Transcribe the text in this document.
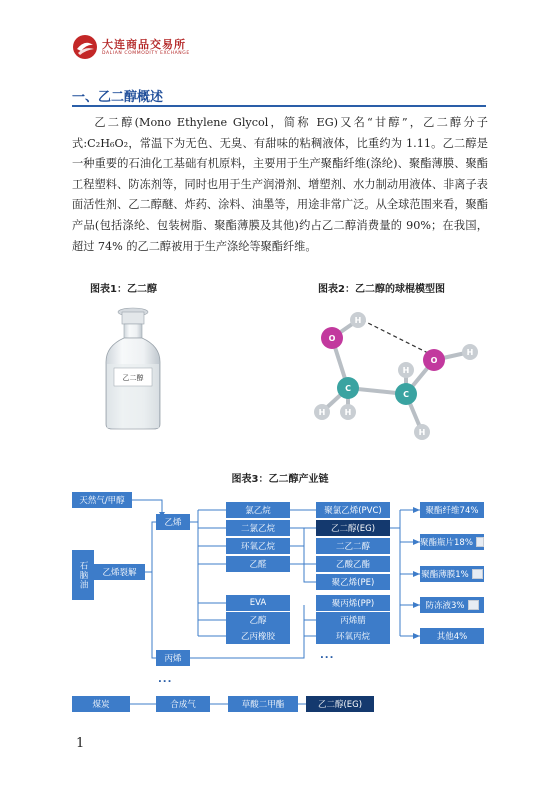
大连商品交易所
DALIAN COMMODITY EXCHANGE
一、乙二醇概述

乙二醇(Mono Ethylene Glycol，简称 EG)又名“甘醇”，乙二醇分子式:C₂H₆O₂，常温下为无色、无臭、有甜味的粘稠液体，比重约为 1.11。乙二醇是一种重要的石油化工基础有机原料，主要用于生产聚酯纤维(涤纶)、聚酯薄膜、聚酯工程塑料、防冻剂等，同时也用于生产润滑剂、增塑剂、水力制动用液体、非离子表面活性剂、乙二醇醚、炸药、涂料、油墨等，用途非常广泛。从全球范围来看，聚酯产品(包括涤纶、包装树脂、聚酯薄膜及其他)约占乙二醇消费量的 90%；在我国，超过 74% 的乙二醇被用于生产涤纶等聚酯纤维。

图表1：乙二醇
乙二醇
图表2：乙二醇的球棍模型图
H
O
H H
C
H
H
C
H
O
图表3：乙二醇产业链
天然气/甲醇
石脑油	乙烯裂解
煤炭
乙烯
丙烯
...
合成气	草酸二甲酯	乙二醇(EG)
氯乙烷
二氯乙烷
环氧乙烷
乙醛
EVA
乙醇
乙丙橡胶
聚氯乙烯(PVC)
乙二醇(EG)
二乙二醇
乙酸乙酯
聚乙烯(PE)
聚丙烯(PP)
丙烯腈
环氧丙烷
...
聚酯纤维74%
聚酯瓶片18%
聚酯薄膜1%
防冻液3%
其他4%
1
